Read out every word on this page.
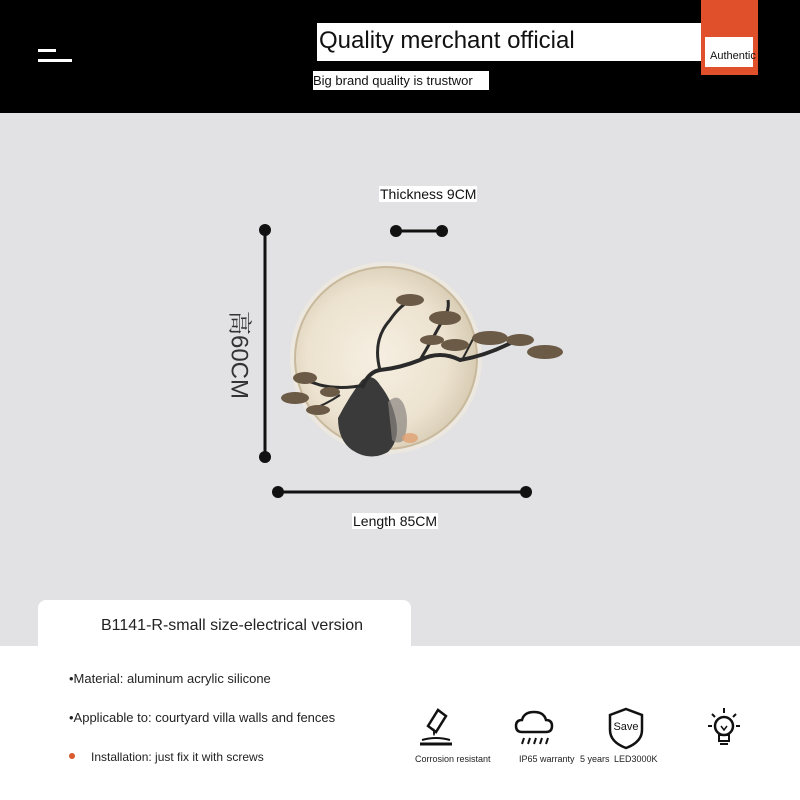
Quality merchant official
Authentic
Big brand quality is trustwor
Thickness 9CM
Length 85CM
高60CM
B1141-R-small size-electrical version
•Material: aluminum acrylic silicone
•Applicable to: courtyard villa walls and fences
Installation: just fix it with screws
Save
Corrosion resistant	IP65 warranty 5 years LED3000K
